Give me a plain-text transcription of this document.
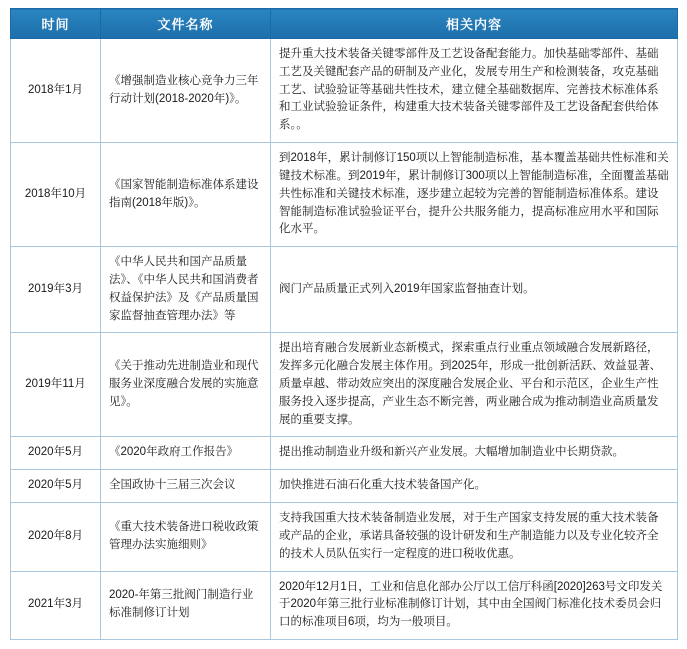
时间	文件名称	相关内容
2018年1月	《增强制造业核心竞争力三年行动计划(2018-2020年)》。	提升重大技术装备关键零部件及工艺设备配套能力。加快基础零部件、基础工艺及关键配套产品的研制及产业化，发展专用生产和检测装备，攻克基础工艺、试验验证等基础共性技术，建立健全基础数据库、完善技术标准体系和工业试验验证条件，构建重大技术装备关键零部件及工艺设备配套供给体系。。
2018年10月	《国家智能制造标准体系建设指南(2018年版)》。	到2018年，累计制修订150项以上智能制造标准，基本覆盖基础共性标准和关键技术标准。到2019年，累计制修订300项以上智能制造标准，全面覆盖基础共性标准和关键技术标准，逐步建立起较为完善的智能制造标准体系。建设智能制造标准试验验证平台，提升公共服务能力，提高标准应用水平和国际化水平。
2019年3月	《中华人民共和国产品质量法》、《中华人民共和国消费者权益保护法》及《产品质量国家监督抽查管理办法》等	阀门产品质量正式列入2019年国家监督抽查计划。
2019年11月	《关于推动先进制造业和现代服务业深度融合发展的实施意见》。	提出培育融合发展新业态新模式，探索重点行业重点领域融合发展新路径，发挥多元化融合发展主体作用。到2025年，形成一批创新活跃、效益显著、质量卓越、带动效应突出的深度融合发展企业、平台和示范区，企业生产性服务投入逐步提高，产业生态不断完善，两业融合成为推动制造业高质量发展的重要支撑。
2020年5月	《2020年政府工作报告》	提出推动制造业升级和新兴产业发展。大幅增加制造业中长期贷款。
2020年5月	全国政协十三届三次会议	加快推进石油石化重大技术装备国产化。
2020年8月	《重大技术装备进口税收政策管理办法实施细则》	支持我国重大技术装备制造业发展，对于生产国家支持发展的重大技术装备或产品的企业，承诺具备较强的设计研发和生产制造能力以及专业化较齐全的技术人员队伍实行一定程度的进口税收优惠。
2021年3月	2020-年第三批阀门制造行业标准制修订计划	2020年12月1日，工业和信息化部办公厅以工信厅科函[2020]263号文印发关于2020年第三批行业标准制修订计划，其中由全国阀门标准化技术委员会归口的标准项目6项，均为一般项目。
